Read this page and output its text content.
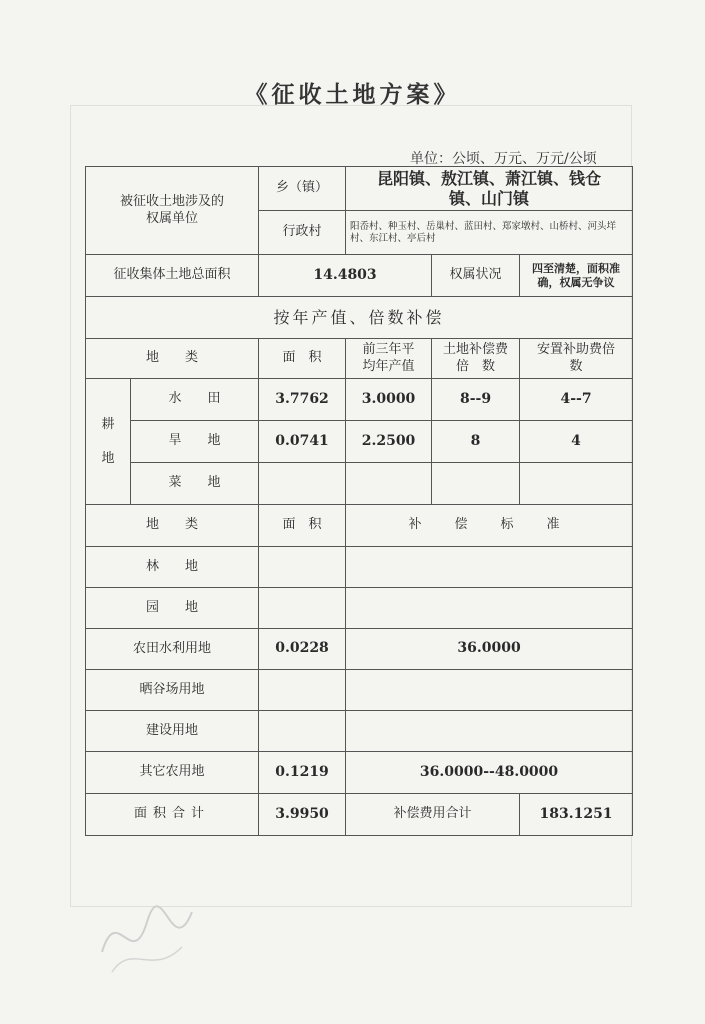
《征收土地方案》
单位：公顷、万元、万元/公顷
被征收土地涉及的权属单位		乡（镇）	昆阳镇、敖江镇、萧江镇、钱仓镇、山门镇		
		行政村	阳岙村、种玉村、岳巢村、蓝田村、郑家墩村、山桥村、河头垟村、东江村、亭后村		
征收集体土地总面积		14.4803		权属状况	四至清楚，面积准确，权属无争议
按年产值、倍数补偿					
地　　类		面　积	前三年平均年产值	土地补偿费倍　数	安置补助费倍　数
耕地	水　　田	3.7762	3.0000	8--9	4--7
	旱　　地	0.0741	2.2500	8	4
	菜　　地				
地　　类		面　积	补　偿　标　准		
林　　地					
园　　地					
农田水利用地		0.0228	36.0000		
晒谷场用地					
建设用地					
其它农用地		0.1219	36.0000--48.0000		
面积合计		3.9950	补偿费用合计		183.1251
